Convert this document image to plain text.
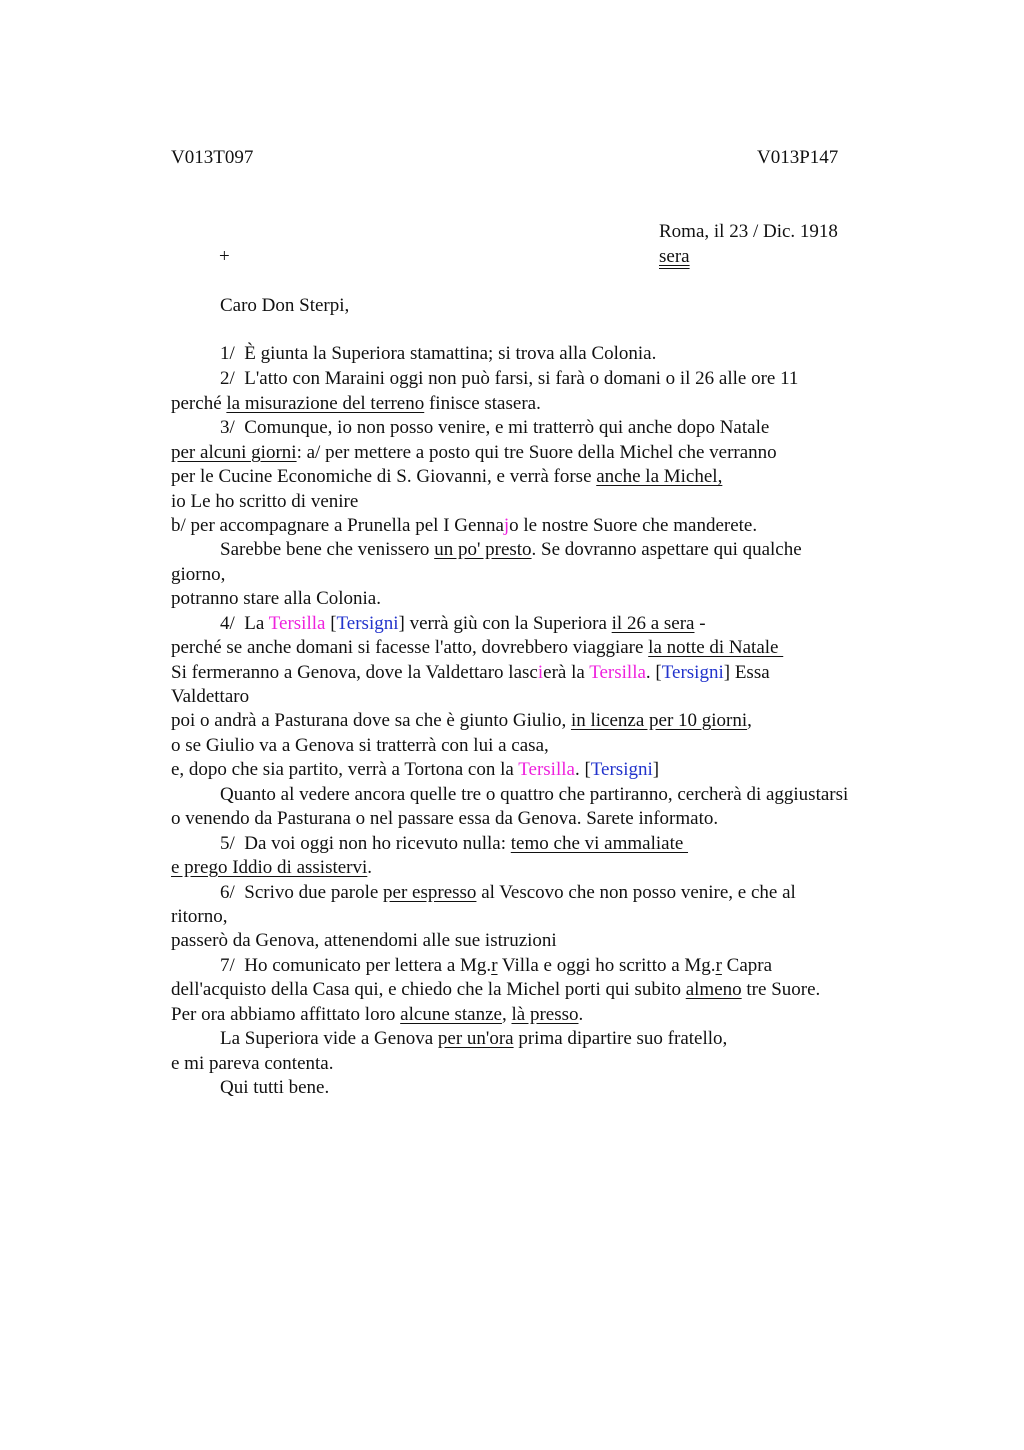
V013T097	V013P147
Roma, il 23 / Dic. 1918
+	sera
Caro Don Sterpi,
1/  È giunta la Superiora stamattina; si trova alla Colonia.
2/  L'atto con Maraini oggi non può farsi, si farà o domani o il 26 alle ore 11
perché la misurazione del terreno finisce stasera.
3/  Comunque, io non posso venire, e mi tratterrò qui anche dopo Natale
per alcuni giorni: a/ per mettere a posto qui tre Suore della Michel che verranno
per le Cucine Economiche di S. Giovanni, e verrà forse anche la Michel,
io Le ho scritto di venire
b/ per accompagnare a Prunella pel I Gennajo le nostre Suore che manderete.
Sarebbe bene che venissero un po' presto. Se dovranno aspettare qui qualche
giorno,
potranno stare alla Colonia.
4/  La Tersilla [Tersigni] verrà giù con la Superiora il 26 a sera -
perché se anche domani si facesse l'atto, dovrebbero viaggiare la notte di Natale
Si fermeranno a Genova, dove la Valdettaro lascierà la Tersilla. [Tersigni] Essa
Valdettaro
poi o andrà a Pasturana dove sa che è giunto Giulio, in licenza per 10 giorni,
o se Giulio va a Genova si tratterrà con lui a casa,
e, dopo che sia partito, verrà a Tortona con la Tersilla. [Tersigni]
Quanto al vedere ancora quelle tre o quattro che partiranno, cercherà di aggiustarsi
o venendo da Pasturana o nel passare essa da Genova. Sarete informato.
5/  Da voi oggi non ho ricevuto nulla: temo che vi ammaliate
e prego Iddio di assistervi.
6/  Scrivo due parole per espresso al Vescovo che non posso venire, e che al
ritorno,
passerò da Genova, attenendomi alle sue istruzioni
7/  Ho comunicato per lettera a Mg.r Villa e oggi ho scritto a Mg.r Capra
dell'acquisto della Casa qui, e chiedo che la Michel porti qui subito almeno tre Suore.
Per ora abbiamo affittato loro alcune stanze, là presso.
La Superiora vide a Genova per un'ora prima dipartire suo fratello,
e mi pareva contenta.
Qui tutti bene.
